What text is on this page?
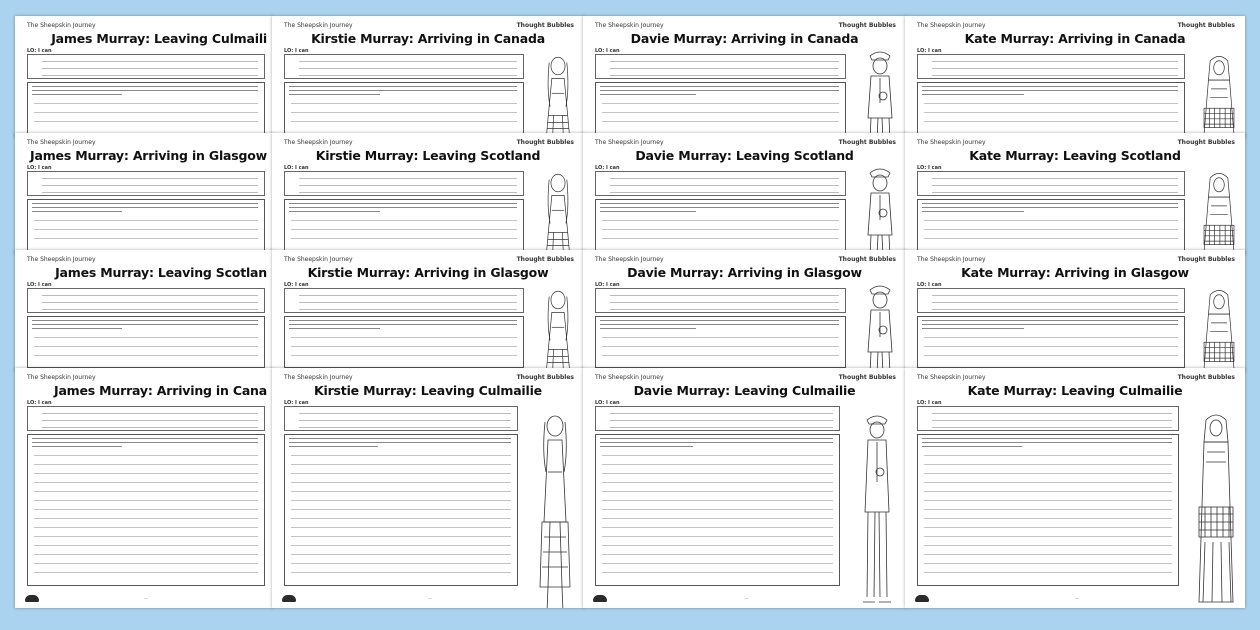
The Sheepskin Journey
James Murray: Leaving Culmaili
LO: I can
The Sheepskin Journey	Thought Bubbles
Kirstie Murray: Arriving in Canada
LO: I can
The Sheepskin Journey	Thought Bubbles
Davie Murray: Arriving in Canada
LO: I can
The Sheepskin Journey	Thought Bubbles
Kate Murray: Arriving in Canada
LO: I can
The Sheepskin Journey
James Murray: Arriving in Glasgow
LO: I can
The Sheepskin Journey	Thought Bubbles
Kirstie Murray: Leaving Scotland
LO: I can
The Sheepskin Journey	Thought Bubbles
Davie Murray: Leaving Scotland
LO: I can
The Sheepskin Journey	Thought Bubbles
Kate Murray: Leaving Scotland
LO: I can
The Sheepskin Journey
James Murray: Leaving Scotlan
LO: I can
The Sheepskin Journey	Thought Bubbles
Kirstie Murray: Arriving in Glasgow
LO: I can
The Sheepskin Journey	Thought Bubbles
Davie Murray: Arriving in Glasgow
LO: I can
The Sheepskin Journey	Thought Bubbles
Kate Murray: Arriving in Glasgow
LO: I can
The Sheepskin Journey
James Murray: Arriving in Cana
LO: I can
—
The Sheepskin Journey	Thought Bubbles
Kirstie Murray: Leaving Culmailie
LO: I can
—
The Sheepskin Journey	Thought Bubbles
Davie Murray: Leaving Culmailie
LO: I can
—
The Sheepskin Journey	Thought Bubbles
Kate Murray: Leaving Culmailie
LO: I can
—
